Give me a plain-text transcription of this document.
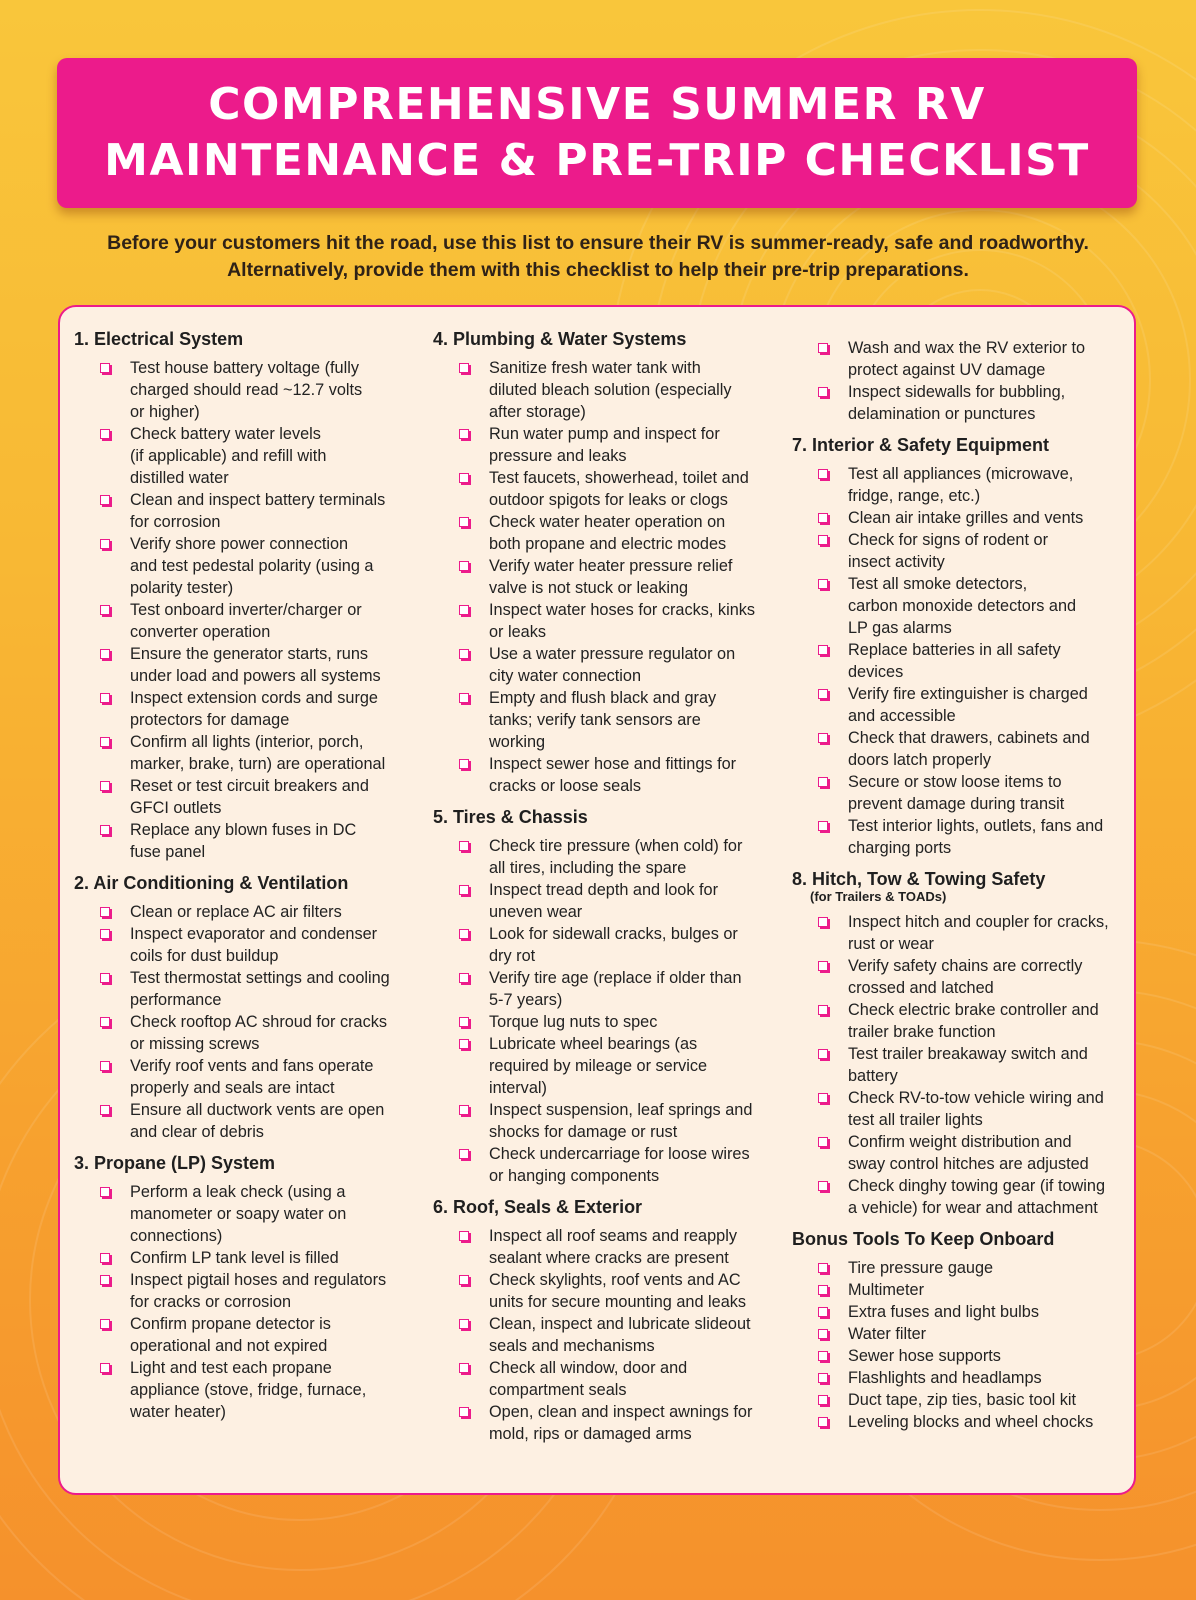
COMPREHENSIVE SUMMER RV
MAINTENANCE & PRE-TRIP CHECKLIST
Before your customers hit the road, use this list to ensure their RV is summer-ready, safe and roadworthy.
Alternatively, provide them with this checklist to help their pre-trip preparations.
1. Electrical System
Test house battery voltage (fully
charged should read ~12.7 volts
or higher)
Check battery water levels
(if applicable) and refill with
distilled water
Clean and inspect battery terminals
for corrosion
Verify shore power connection
and test pedestal polarity (using a
polarity tester)
Test onboard inverter/charger or
converter operation
Ensure the generator starts, runs
under load and powers all systems
Inspect extension cords and surge
protectors for damage
Confirm all lights (interior, porch,
marker, brake, turn) are operational
Reset or test circuit breakers and
GFCI outlets
Replace any blown fuses in DC
fuse panel
2. Air Conditioning & Ventilation
Clean or replace AC air filters
Inspect evaporator and condenser
coils for dust buildup
Test thermostat settings and cooling
performance
Check rooftop AC shroud for cracks
or missing screws
Verify roof vents and fans operate
properly and seals are intact
Ensure all ductwork vents are open
and clear of debris
3. Propane (LP) System
Perform a leak check (using a
manometer or soapy water on
connections)
Confirm LP tank level is filled
Inspect pigtail hoses and regulators
for cracks or corrosion
Confirm propane detector is
operational and not expired
Light and test each propane
appliance (stove, fridge, furnace,
water heater)
4. Plumbing & Water Systems
Sanitize fresh water tank with
diluted bleach solution (especially
after storage)
Run water pump and inspect for
pressure and leaks
Test faucets, showerhead, toilet and
outdoor spigots for leaks or clogs
Check water heater operation on
both propane and electric modes
Verify water heater pressure relief
valve is not stuck or leaking
Inspect water hoses for cracks, kinks
or leaks
Use a water pressure regulator on
city water connection
Empty and flush black and gray
tanks; verify tank sensors are
working
Inspect sewer hose and fittings for
cracks or loose seals
5. Tires & Chassis
Check tire pressure (when cold) for
all tires, including the spare
Inspect tread depth and look for
uneven wear
Look for sidewall cracks, bulges or
dry rot
Verify tire age (replace if older than
5-7 years)
Torque lug nuts to spec
Lubricate wheel bearings (as
required by mileage or service
interval)
Inspect suspension, leaf springs and
shocks for damage or rust
Check undercarriage for loose wires
or hanging components
6. Roof, Seals & Exterior
Inspect all roof seams and reapply
sealant where cracks are present
Check skylights, roof vents and AC
units for secure mounting and leaks
Clean, inspect and lubricate slideout
seals and mechanisms
Check all window, door and
compartment seals
Open, clean and inspect awnings for
mold, rips or damaged arms
Wash and wax the RV exterior to
protect against UV damage
Inspect sidewalls for bubbling,
delamination or punctures
7. Interior & Safety Equipment
Test all appliances (microwave,
fridge, range, etc.)
Clean air intake grilles and vents
Check for signs of rodent or
insect activity
Test all smoke detectors,
carbon monoxide detectors and
LP gas alarms
Replace batteries in all safety
devices
Verify fire extinguisher is charged
and accessible
Check that drawers, cabinets and
doors latch properly
Secure or stow loose items to
prevent damage during transit
Test interior lights, outlets, fans and
charging ports
8. Hitch, Tow & Towing Safety
(for Trailers & TOADs)
Inspect hitch and coupler for cracks,
rust or wear
Verify safety chains are correctly
crossed and latched
Check electric brake controller and
trailer brake function
Test trailer breakaway switch and
battery
Check RV-to-tow vehicle wiring and
test all trailer lights
Confirm weight distribution and
sway control hitches are adjusted
Check dinghy towing gear (if towing
a vehicle) for wear and attachment
Bonus Tools To Keep Onboard
Tire pressure gauge
Multimeter
Extra fuses and light bulbs
Water filter
Sewer hose supports
Flashlights and headlamps
Duct tape, zip ties, basic tool kit
Leveling blocks and wheel chocks
